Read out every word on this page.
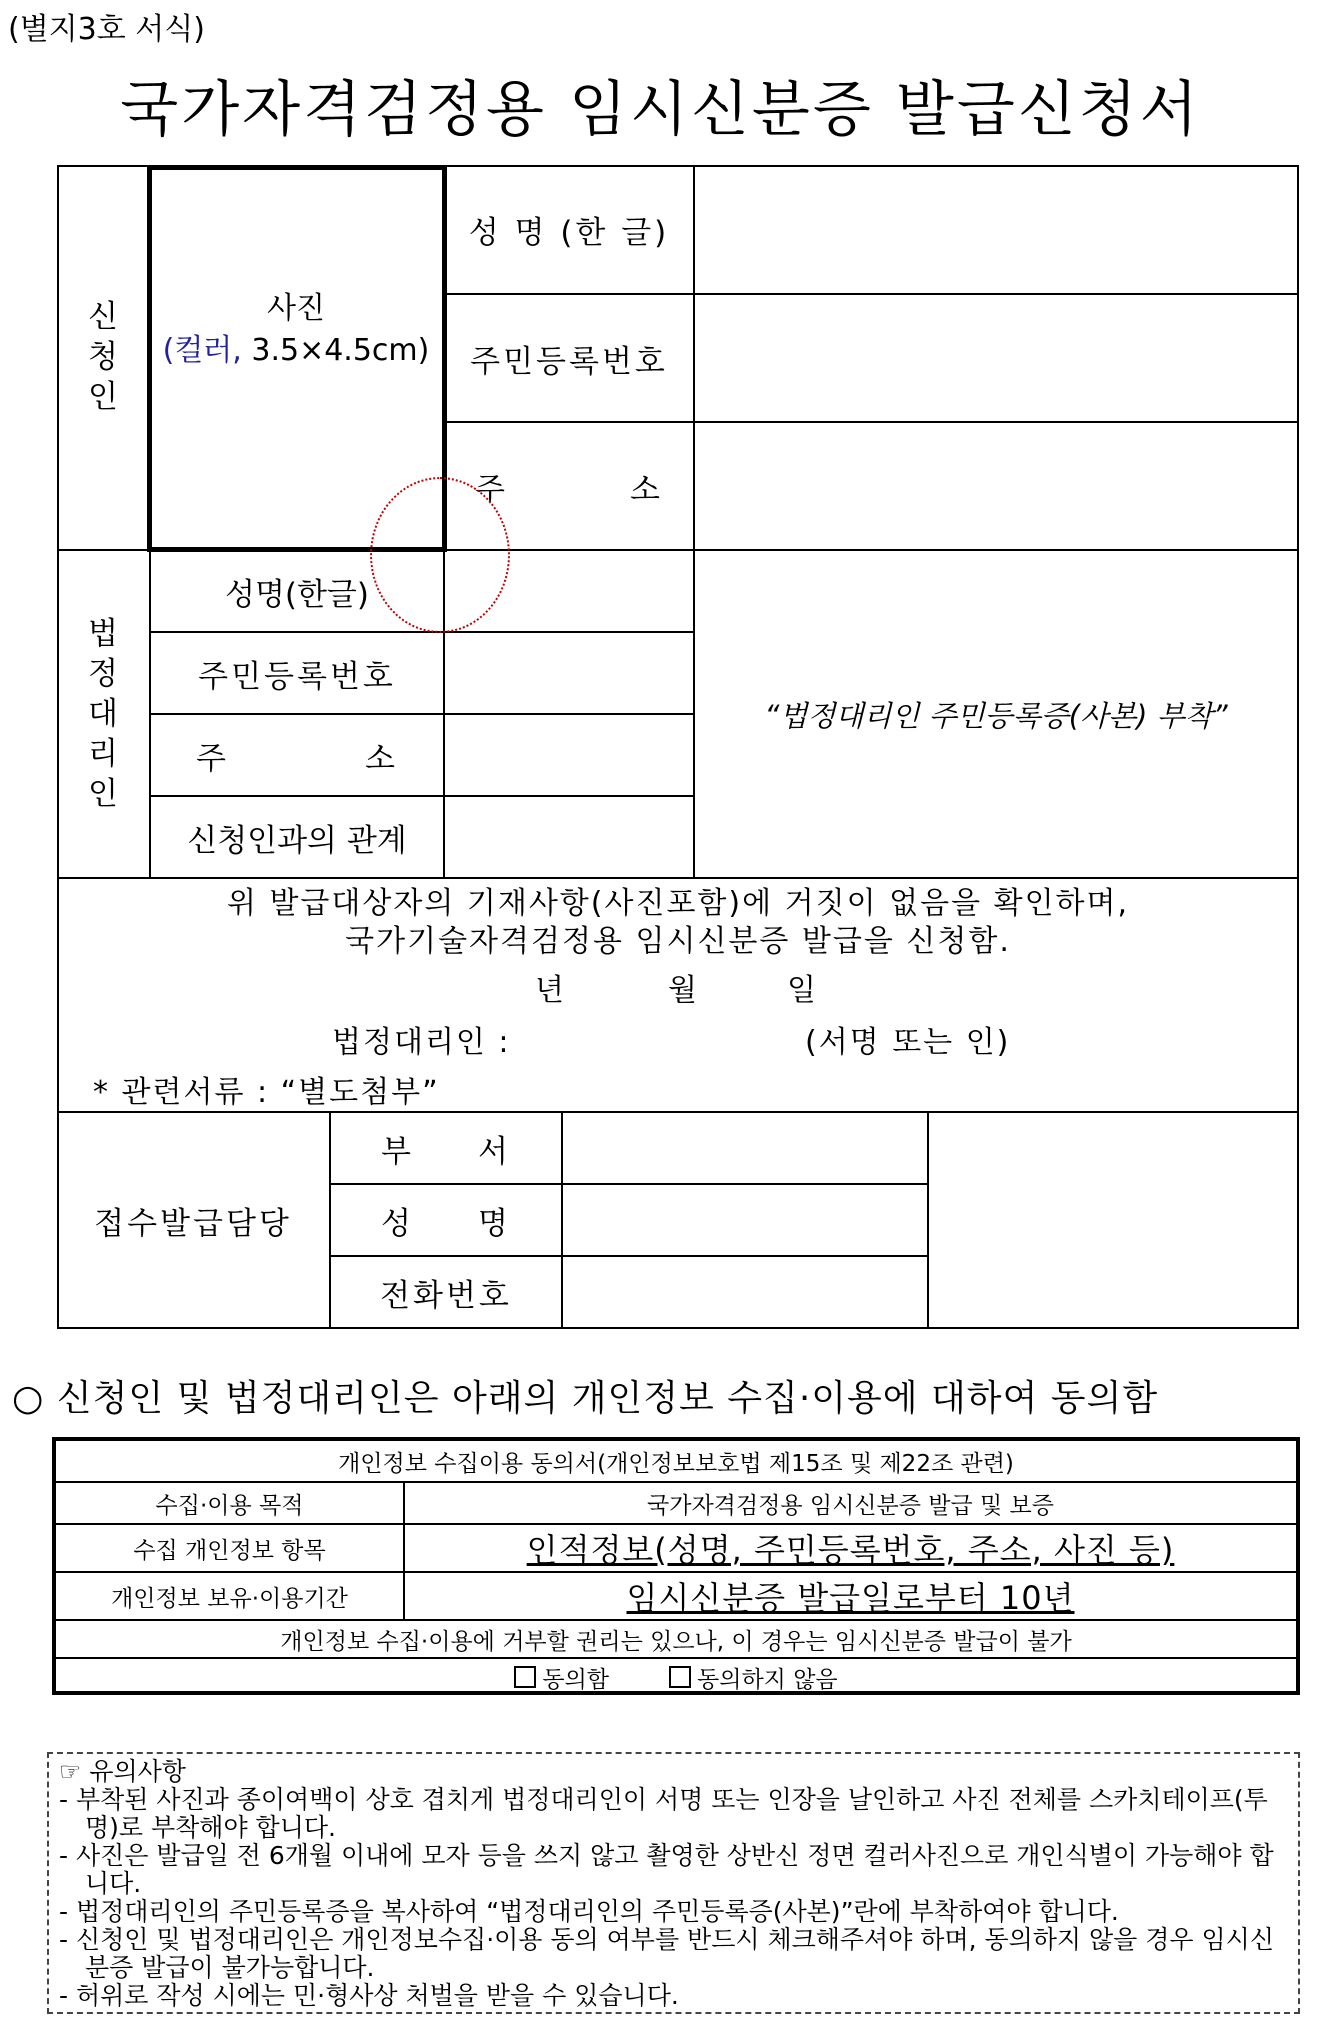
(별지3호 서식)
국가자격검정용 임시신분증 발급신청서
신
청
인
사진
(컬러, 3.5×4.5cm)
성 명 (한 글)
주민등록번호
주	소
법
정
대
리
인
성명(한글)
주민등록번호
주	소
신청인과의 관계
“법정대리인 주민등록증(사본) 부착”
위 발급대상자의 기재사항(사진포함)에 거짓이 없음을 확인하며,
국가기술자격검정용 임시신분증 발급을 신청함.
년	월	일
법정대리인 :	(서명 또는 인)
* 관련서류 : “별도첨부”
접수발급담당
부 서
성 명
전화번호
○ 신청인 및 법정대리인은 아래의 개인정보 수집·이용에 대하여 동의함
개인정보 수집이용 동의서(개인정보보호법 제15조 및 제22조 관련)
수집·이용 목적	국가자격검정용 임시신분증 발급 및 보증
수집 개인정보 항목	인적정보(성명, 주민등록번호, 주소, 사진 등)
개인정보 보유·이용기간	임시신분증 발급일로부터 10년
개인정보 수집·이용에 거부할 권리는 있으나, 이 경우는 임시신분증 발급이 불가
동의함	동의하지 않음
☞ 유의사항
- 부착된 사진과 종이여백이 상호 겹치게 법정대리인이 서명 또는 인장을 날인하고 사진 전체를 스카치테이프(투명)로 부착해야 합니다.
- 사진은 발급일 전 6개월 이내에 모자 등을 쓰지 않고 촬영한 상반신 정면 컬러사진으로 개인식별이 가능해야 합니다.
- 법정대리인의 주민등록증을 복사하여 “법정대리인의 주민등록증(사본)”란에 부착하여야 합니다.
- 신청인 및 법정대리인은 개인정보수집·이용 동의 여부를 반드시 체크해주셔야 하며, 동의하지 않을 경우 임시신분증 발급이 불가능합니다.
- 허위로 작성 시에는 민·형사상 처벌을 받을 수 있습니다.
